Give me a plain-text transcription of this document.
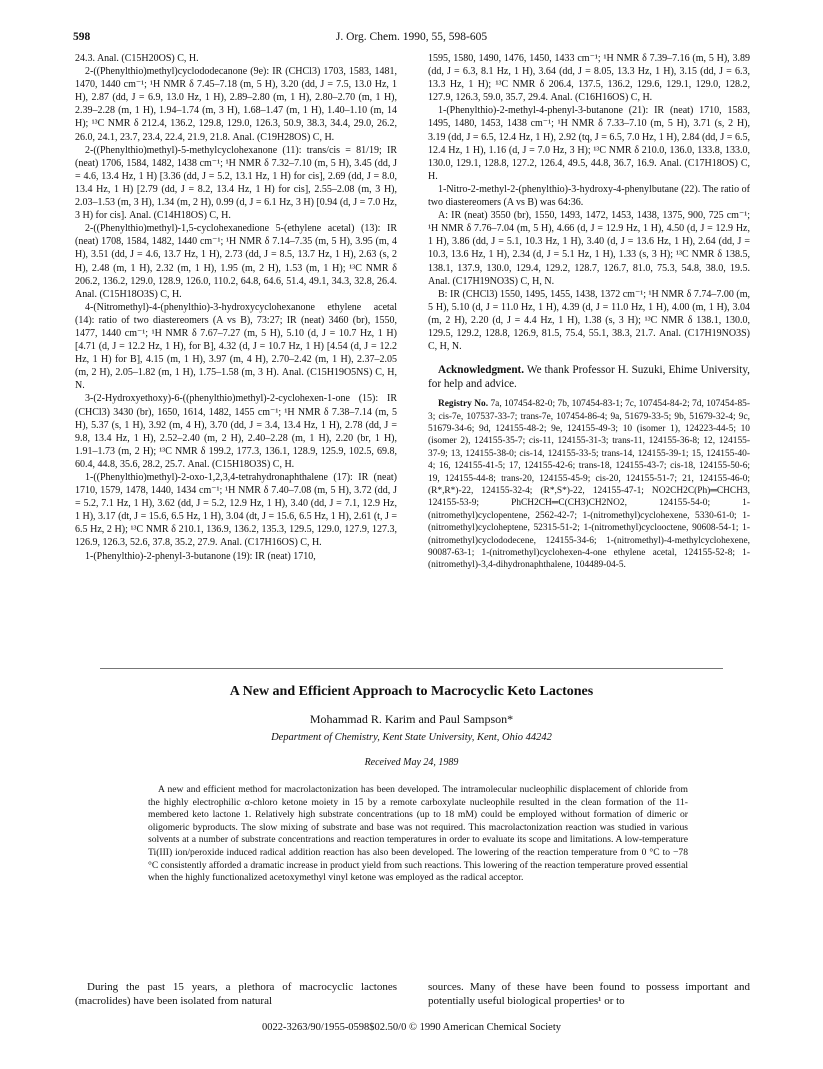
598	J. Org. Chem. 1990, 55, 598-605

24.3. Anal. (C15H20OS) C, H.

2-((Phenylthio)methyl)cyclododecanone (9e): IR (CHCl3) 1703, 1583, 1481, 1470, 1440 cm⁻¹; ¹H NMR δ 7.45–7.18 (m, 5 H), 3.20 (dd, J = 7.5, 13.0 Hz, 1 H), 2.87 (dd, J = 6.9, 13.0 Hz, 1 H), 2.89–2.80 (m, 1 H), 2.80–2.70 (m, 1 H), 2.39–2.28 (m, 1 H), 1.94–1.74 (m, 3 H), 1.68–1.47 (m, 1 H), 1.40–1.10 (m, 14 H); ¹³C NMR δ 212.4, 136.2, 129.8, 129.0, 126.3, 50.9, 38.3, 34.4, 29.0, 26.2, 26.0, 24.1, 23.7, 23.4, 22.4, 21.9, 21.8. Anal. (C19H28OS) C, H.

2-((Phenylthio)methyl)-5-methylcyclohexanone (11): trans/cis = 81/19; IR (neat) 1706, 1584, 1482, 1438 cm⁻¹; ¹H NMR δ 7.32–7.10 (m, 5 H), 3.45 (dd, J = 4.6, 13.4 Hz, 1 H) [3.36 (dd, J = 5.2, 13.1 Hz, 1 H) for cis], 2.69 (dd, J = 8.0, 13.4 Hz, 1 H) [2.79 (dd, J = 8.2, 13.4 Hz, 1 H) for cis], 2.55–2.08 (m, 3 H), 2.03–1.53 (m, 3 H), 1.34 (m, 2 H), 0.99 (d, J = 6.1 Hz, 3 H) [0.94 (d, J = 7.0 Hz, 3 H) for cis]. Anal. (C14H18OS) C, H.

2-((Phenylthio)methyl)-1,5-cyclohexanedione 5-(ethylene acetal) (13): IR (neat) 1708, 1584, 1482, 1440 cm⁻¹; ¹H NMR δ 7.14–7.35 (m, 5 H), 3.95 (m, 4 H), 3.51 (dd, J = 4.6, 13.7 Hz, 1 H), 2.73 (dd, J = 8.5, 13.7 Hz, 1 H), 2.63 (s, 2 H), 2.48 (m, 1 H), 2.32 (m, 1 H), 1.95 (m, 2 H), 1.53 (m, 1 H); ¹³C NMR δ 206.2, 136.2, 129.0, 128.9, 126.0, 110.2, 64.8, 64.6, 51.4, 49.1, 34.3, 32.8, 26.4. Anal. (C15H18O3S) C, H.

4-(Nitromethyl)-4-(phenylthio)-3-hydroxycyclohexanone ethylene acetal (14): ratio of two diastereomers (A vs B), 73:27; IR (neat) 3460 (br), 1550, 1477, 1440 cm⁻¹; ¹H NMR δ 7.67–7.27 (m, 5 H), 5.10 (d, J = 10.7 Hz, 1 H) [4.71 (d, J = 12.2 Hz, 1 H), for B], 4.32 (d, J = 10.7 Hz, 1 H) [4.54 (d, J = 12.2 Hz, 1 H) for B], 4.15 (m, 1 H), 3.97 (m, 4 H), 2.70–2.42 (m, 1 H), 2.37–2.05 (m, 2 H), 2.05–1.82 (m, 1 H), 1.75–1.58 (m, 3 H). Anal. (C15H19O5NS) C, H, N.

3-(2-Hydroxyethoxy)-6-((phenylthio)methyl)-2-cyclohexen-1-one (15): IR (CHCl3) 3430 (br), 1650, 1614, 1482, 1455 cm⁻¹; ¹H NMR δ 7.38–7.14 (m, 5 H), 5.37 (s, 1 H), 3.92 (m, 4 H), 3.70 (dd, J = 3.4, 13.4 Hz, 1 H), 2.78 (dd, J = 9.8, 13.4 Hz, 1 H), 2.52–2.40 (m, 2 H), 2.40–2.28 (m, 1 H), 2.20 (br, 1 H), 1.91–1.73 (m, 2 H); ¹³C NMR δ 199.2, 177.3, 136.1, 128.9, 125.9, 102.5, 69.8, 60.4, 44.8, 35.6, 28.2, 25.7. Anal. (C15H18O3S) C, H.

1-((Phenylthio)methyl)-2-oxo-1,2,3,4-tetrahydronaphthalene (17): IR (neat) 1710, 1579, 1478, 1440, 1434 cm⁻¹; ¹H NMR δ 7.40–7.08 (m, 5 H), 3.72 (dd, J = 5.2, 7.1 Hz, 1 H), 3.62 (dd, J = 5.2, 12.9 Hz, 1 H), 3.40 (dd, J = 7.1, 12.9 Hz, 1 H), 3.17 (dt, J = 15.6, 6.5 Hz, 1 H), 3.04 (dt, J = 15.6, 6.5 Hz, 1 H), 2.61 (t, J = 6.5 Hz, 2 H); ¹³C NMR δ 210.1, 136.9, 136.2, 135.3, 129.5, 129.0, 127.9, 127.3, 126.9, 126.3, 52.6, 37.8, 35.2, 27.9. Anal. (C17H16OS) C, H.

1-(Phenylthio)-2-phenyl-3-butanone (19): IR (neat) 1710,

1595, 1580, 1490, 1476, 1450, 1433 cm⁻¹; ¹H NMR δ 7.39–7.16 (m, 5 H), 3.89 (dd, J = 6.3, 8.1 Hz, 1 H), 3.64 (dd, J = 8.05, 13.3 Hz, 1 H), 3.15 (dd, J = 6.3, 13.3 Hz, 1 H); ¹³C NMR δ 206.4, 137.5, 136.2, 129.6, 129.1, 129.0, 128.2, 127.9, 126.3, 59.0, 35.7, 29.4. Anal. (C16H16OS) C, H.

1-(Phenylthio)-2-methyl-4-phenyl-3-butanone (21): IR (neat) 1710, 1583, 1495, 1480, 1453, 1438 cm⁻¹; ¹H NMR δ 7.33–7.10 (m, 5 H), 3.71 (s, 2 H), 3.19 (dd, J = 6.5, 12.4 Hz, 1 H), 2.92 (tq, J = 6.5, 7.0 Hz, 1 H), 2.84 (dd, J = 6.5, 12.4 Hz, 1 H), 1.16 (d, J = 7.0 Hz, 3 H); ¹³C NMR δ 210.0, 136.0, 133.8, 133.0, 130.0, 129.1, 128.8, 127.2, 126.4, 49.5, 44.8, 36.7, 16.9. Anal. (C17H18OS) C, H.

1-Nitro-2-methyl-2-(phenylthio)-3-hydroxy-4-phenylbutane (22). The ratio of two diastereomers (A vs B) was 64:36.

A: IR (neat) 3550 (br), 1550, 1493, 1472, 1453, 1438, 1375, 900, 725 cm⁻¹; ¹H NMR δ 7.76–7.04 (m, 5 H), 4.66 (d, J = 12.9 Hz, 1 H), 4.50 (d, J = 12.9 Hz, 1 H), 3.86 (dd, J = 5.1, 10.3 Hz, 1 H), 3.40 (d, J = 13.6 Hz, 1 H), 2.64 (dd, J = 10.3, 13.6 Hz, 1 H), 2.34 (d, J = 5.1 Hz, 1 H), 1.33 (s, 3 H); ¹³C NMR δ 138.5, 138.1, 137.9, 130.0, 129.4, 129.2, 128.7, 126.7, 81.0, 75.3, 54.8, 38.0, 19.5. Anal. (C17H19NO3S) C, H, N.

B: IR (CHCl3) 1550, 1495, 1455, 1438, 1372 cm⁻¹; ¹H NMR δ 7.74–7.00 (m, 5 H), 5.10 (d, J = 11.0 Hz, 1 H), 4.39 (d, J = 11.0 Hz, 1 H), 4.00 (m, 1 H), 3.04 (m, 2 H), 2.20 (d, J = 4.4 Hz, 1 H), 1.38 (s, 3 H); ¹³C NMR δ 138.1, 130.0, 129.5, 129.2, 128.8, 126.9, 81.5, 75.4, 55.1, 38.3, 21.7. Anal. (C17H19NO3S) C, H, N.

Acknowledgment. We thank Professor H. Suzuki, Ehime University, for help and advice.

Registry No. 7a, 107454-82-0; 7b, 107454-83-1; 7c, 107454-84-2; 7d, 107454-85-3; cis-7e, 107537-33-7; trans-7e, 107454-86-4; 9a, 51679-33-5; 9b, 51679-32-4; 9c, 51679-34-6; 9d, 124155-48-2; 9e, 124155-49-3; 10 (isomer 1), 124223-44-5; 10 (isomer 2), 124155-35-7; cis-11, 124155-31-3; trans-11, 124155-36-8; 12, 124155-37-9; 13, 124155-38-0; cis-14, 124155-33-5; trans-14, 124155-39-1; 15, 124155-40-4; 16, 124155-41-5; 17, 124155-42-6; trans-18, 124155-43-7; cis-18, 124155-50-6; 19, 124155-44-8; trans-20, 124155-45-9; cis-20, 124155-51-7; 21, 124155-46-0; (R*,R*)-22, 124155-32-4; (R*,S*)-22, 124155-47-1; NO2CH2C(Ph)═CHCH3, 124155-53-9; PhCH2CH═C(CH3)CH2NO2, 124155-54-0; 1-(nitromethyl)cyclopentene, 2562-42-7; 1-(nitromethyl)cyclohexene, 5330-61-0; 1-(nitromethyl)cycloheptene, 52315-51-2; 1-(nitromethyl)cyclooctene, 90608-54-1; 1-(nitromethyl)cyclododecene, 124155-34-6; 1-(nitromethyl)-4-methylcyclohexene, 90087-63-1; 1-(nitromethyl)cyclohexen-4-one ethylene acetal, 124155-52-8; 1-(nitromethyl)-3,4-dihydronaphthalene, 104489-04-5.

A New and Efficient Approach to Macrocyclic Keto Lactones
Mohammad R. Karim and Paul Sampson*
Department of Chemistry, Kent State University, Kent, Ohio 44242
Received May 24, 1989
A new and efficient method for macrolactonization has been developed. The intramolecular nucleophilic displacement of chloride from the highly electrophilic α-chloro ketone moiety in 15 by a remote carboxylate nucleophile resulted in the clean formation of the 11-membered keto lactone 1. Relatively high substrate concentrations (up to 18 mM) could be employed without formation of dimeric or oligomeric byproducts. The slow mixing of substrate and base was not required. This macrolactonization reaction was studied in various solvents at a number of substrate concentrations and reaction temperatures in order to evaluate its scope and limitations. A low-temperature Ti(III) ion/peroxide induced radical addition reaction has also been developed. The lowering of the reaction temperature from 0 °C to −78 °C consistently afforded a dramatic increase in product yield from such reactions. This lowering of the reaction temperature proved essential when the highly functionalized acetoxymethyl vinyl ketone was employed as the radical acceptor.
During the past 15 years, a plethora of macrocyclic lactones (macrolides) have been isolated from natural
sources. Many of these have been found to possess important and potentially useful biological properties¹ or to
0022-3263/90/1955-0598$02.50/0 © 1990 American Chemical Society
